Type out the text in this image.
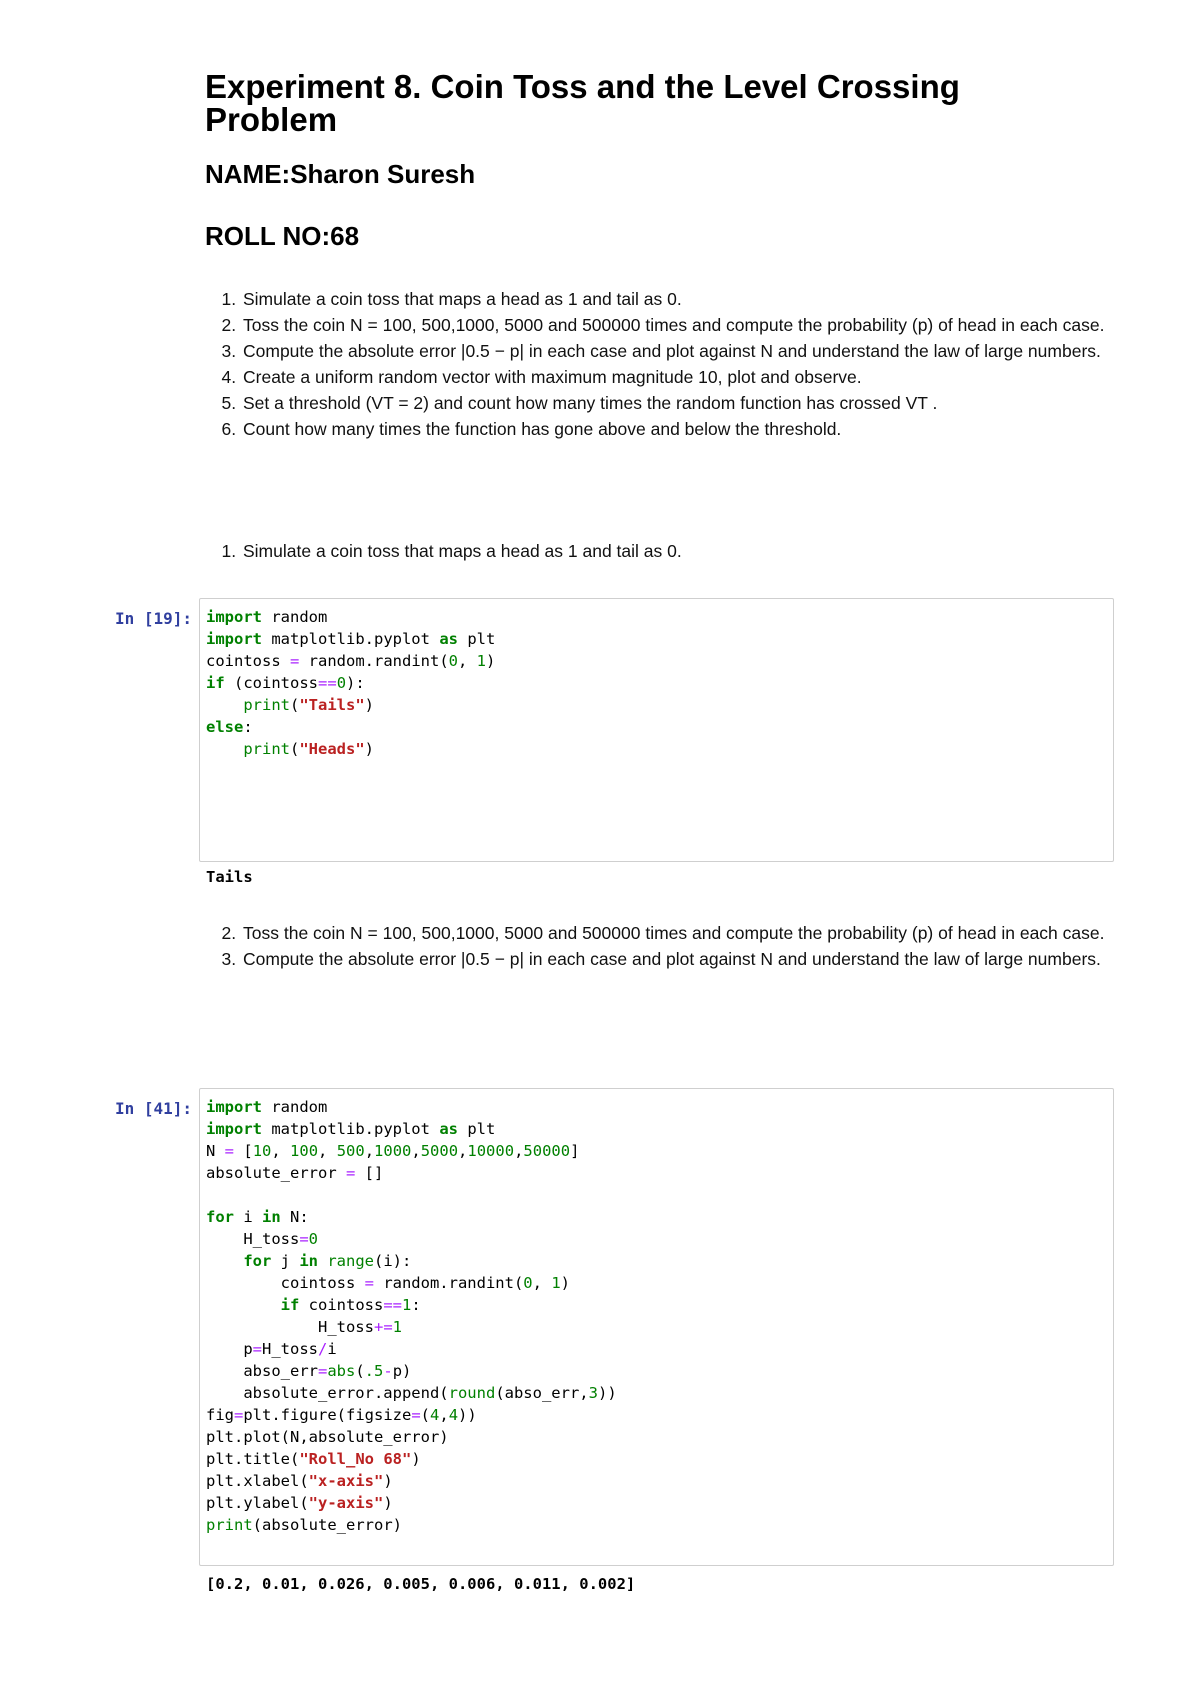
Experiment 8. Coin Toss and the Level Crossing Problem
NAME:Sharon Suresh
ROLL NO:68
1. Simulate a coin toss that maps a head as 1 and tail as 0.
2. Toss the coin N = 100, 500,1000, 5000 and 500000 times and compute the probability (p) of head in each case.
3. Compute the absolute error |0.5 − p| in each case and plot against N and understand the law of large numbers.
4. Create a uniform random vector with maximum magnitude 10, plot and observe.
5. Set a threshold (VT = 2) and count how many times the random function has crossed VT .
6. Count how many times the function has gone above and below the threshold.
1. Simulate a coin toss that maps a head as 1 and tail as 0.
In [19]: import random
import matplotlib.pyplot as plt
cointoss = random.randint(0, 1)
if (cointoss==0):
print("Tails")
else:
print("Heads")
Tails
2. Toss the coin N = 100, 500,1000, 5000 and 500000 times and compute the probability (p) of head in each case.
3. Compute the absolute error |0.5 − p| in each case and plot against N and understand the law of large numbers.
In [41]: import random
import matplotlib.pyplot as plt
N = [10, 100, 500,1000,5000,10000,50000]
absolute_error = []

for i in N:
H_toss=0
for j in range(i):
cointoss = random.randint(0, 1)
if cointoss==1:
H_toss+=1
p=H_toss/i
abso_err=abs(.5-p)
absolute_error.append(round(abso_err,3))
fig=plt.figure(figsize=(4,4))
plt.plot(N,absolute_error)
plt.title("Roll_No 68")
plt.xlabel("x-axis")
plt.ylabel("y-axis")
print(absolute_error)
[0.2, 0.01, 0.026, 0.005, 0.006, 0.011, 0.002]
